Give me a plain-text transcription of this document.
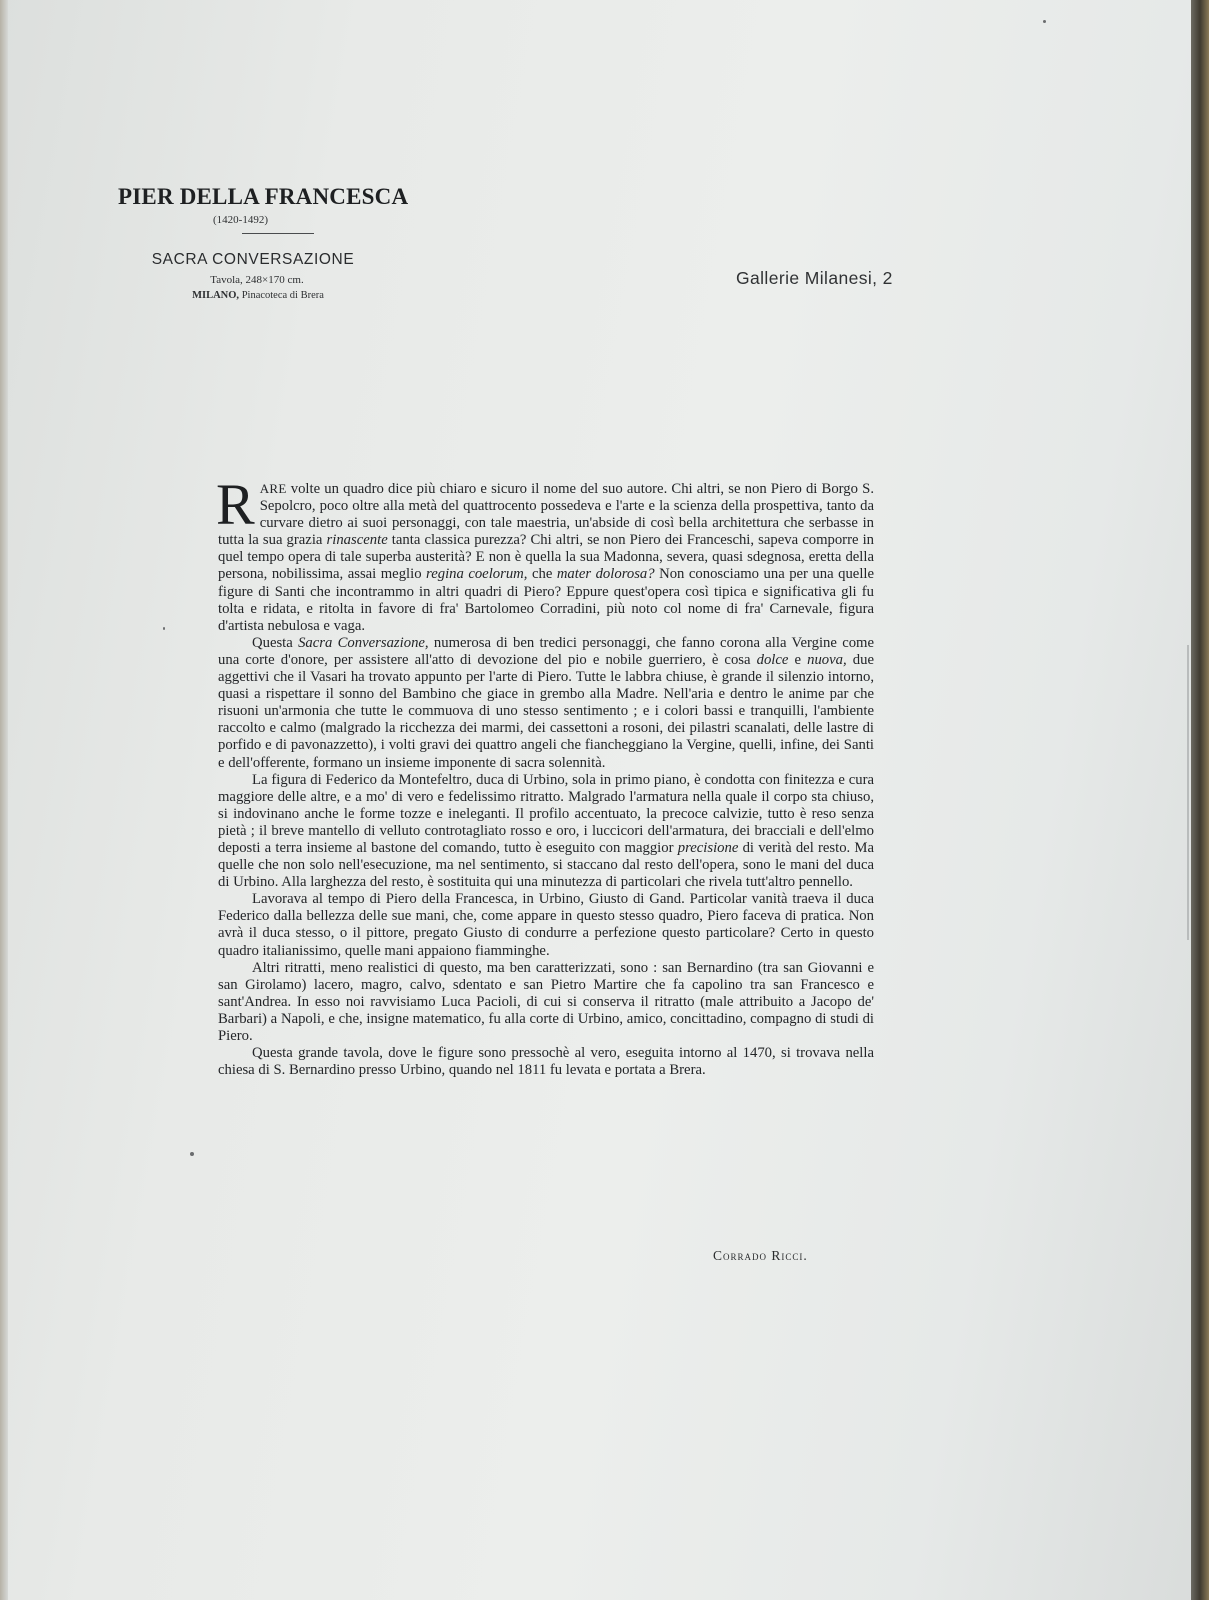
PIER DELLA FRANCESCA
(1420-1492)
SACRA CONVERSAZIONE
Tavola, 248×170 cm.
MILANO, Pinacoteca di Brera
Gallerie Milanesi, 2

RARE volte un quadro dice più chiaro e sicuro il nome del suo autore. Chi altri, se non Piero di Borgo S. Sepolcro, poco oltre alla metà del quattrocento possedeva e l'arte e la scienza della prospettiva, tanto da curvare dietro ai suoi personaggi, con tale maestria, un'abside di così bella architettura che serbasse in tutta la sua grazia rinascente tanta classica purezza? Chi altri, se non Piero dei Franceschi, sapeva comporre in quel tempo opera di tale superba austerità? E non è quella la sua Madonna, severa, quasi sdegnosa, eretta della persona, nobilissima, assai meglio regina coelorum, che mater dolorosa? Non conosciamo una per una quelle figure di Santi che incontrammo in altri quadri di Piero? Eppure quest'opera così tipica e significativa gli fu tolta e ridata, e ritolta in favore di fra' Bartolomeo Corradini, più noto col nome di fra' Carnevale, figura d'artista nebulosa e vaga.

Questa Sacra Conversazione, numerosa di ben tredici personaggi, che fanno corona alla Vergine come una corte d'onore, per assistere all'atto di devozione del pio e nobile guerriero, è cosa dolce e nuova, due aggettivi che il Vasari ha trovato appunto per l'arte di Piero. Tutte le labbra chiuse, è grande il silenzio intorno, quasi a rispettare il sonno del Bambino che giace in grembo alla Madre. Nell'aria e dentro le anime par che risuoni un'armonia che tutte le commuova di uno stesso sentimento ; e i colori bassi e tranquilli, l'ambiente raccolto e calmo (malgrado la ricchezza dei marmi, dei cassettoni a rosoni, dei pilastri scanalati, delle lastre di porfido e di pavonazzetto), i volti gravi dei quattro angeli che fiancheggiano la Vergine, quelli, infine, dei Santi e dell'offerente, formano un insieme imponente di sacra solennità.

La figura di Federico da Montefeltro, duca di Urbino, sola in primo piano, è condotta con finitezza e cura maggiore delle altre, e a mo' di vero e fedelissimo ritratto. Malgrado l'armatura nella quale il corpo sta chiuso, si indovinano anche le forme tozze e ineleganti. Il profilo accentuato, la precoce calvizie, tutto è reso senza pietà ; il breve mantello di velluto controtagliato rosso e oro, i luccicori dell'armatura, dei bracciali e dell'elmo deposti a terra insieme al bastone del comando, tutto è eseguito con maggior precisione di verità del resto. Ma quelle che non solo nell'esecuzione, ma nel sentimento, si staccano dal resto dell'opera, sono le mani del duca di Urbino. Alla larghezza del resto, è sostituita qui una minutezza di particolari che rivela tutt'altro pennello.

Lavorava al tempo di Piero della Francesca, in Urbino, Giusto di Gand. Particolar vanità traeva il duca Federico dalla bellezza delle sue mani, che, come appare in questo stesso quadro, Piero faceva di pratica. Non avrà il duca stesso, o il pittore, pregato Giusto di condurre a perfezione questo particolare? Certo in questo quadro italianissimo, quelle mani appaiono fiamminghe.

Altri ritratti, meno realistici di questo, ma ben caratterizzati, sono : san Bernardino (tra san Giovanni e san Girolamo) lacero, magro, calvo, sdentato e san Pietro Martire che fa capolino tra san Francesco e sant'Andrea. In esso noi ravvisiamo Luca Pacioli, di cui si conserva il ritratto (male attribuito a Jacopo de' Barbari) a Napoli, e che, insigne matematico, fu alla corte di Urbino, amico, concittadino, compagno di studi di Piero.

Questa grande tavola, dove le figure sono pressochè al vero, eseguita intorno al 1470, si trovava nella chiesa di S. Bernardino presso Urbino, quando nel 1811 fu levata e portata a Brera.

Corrado Ricci.
